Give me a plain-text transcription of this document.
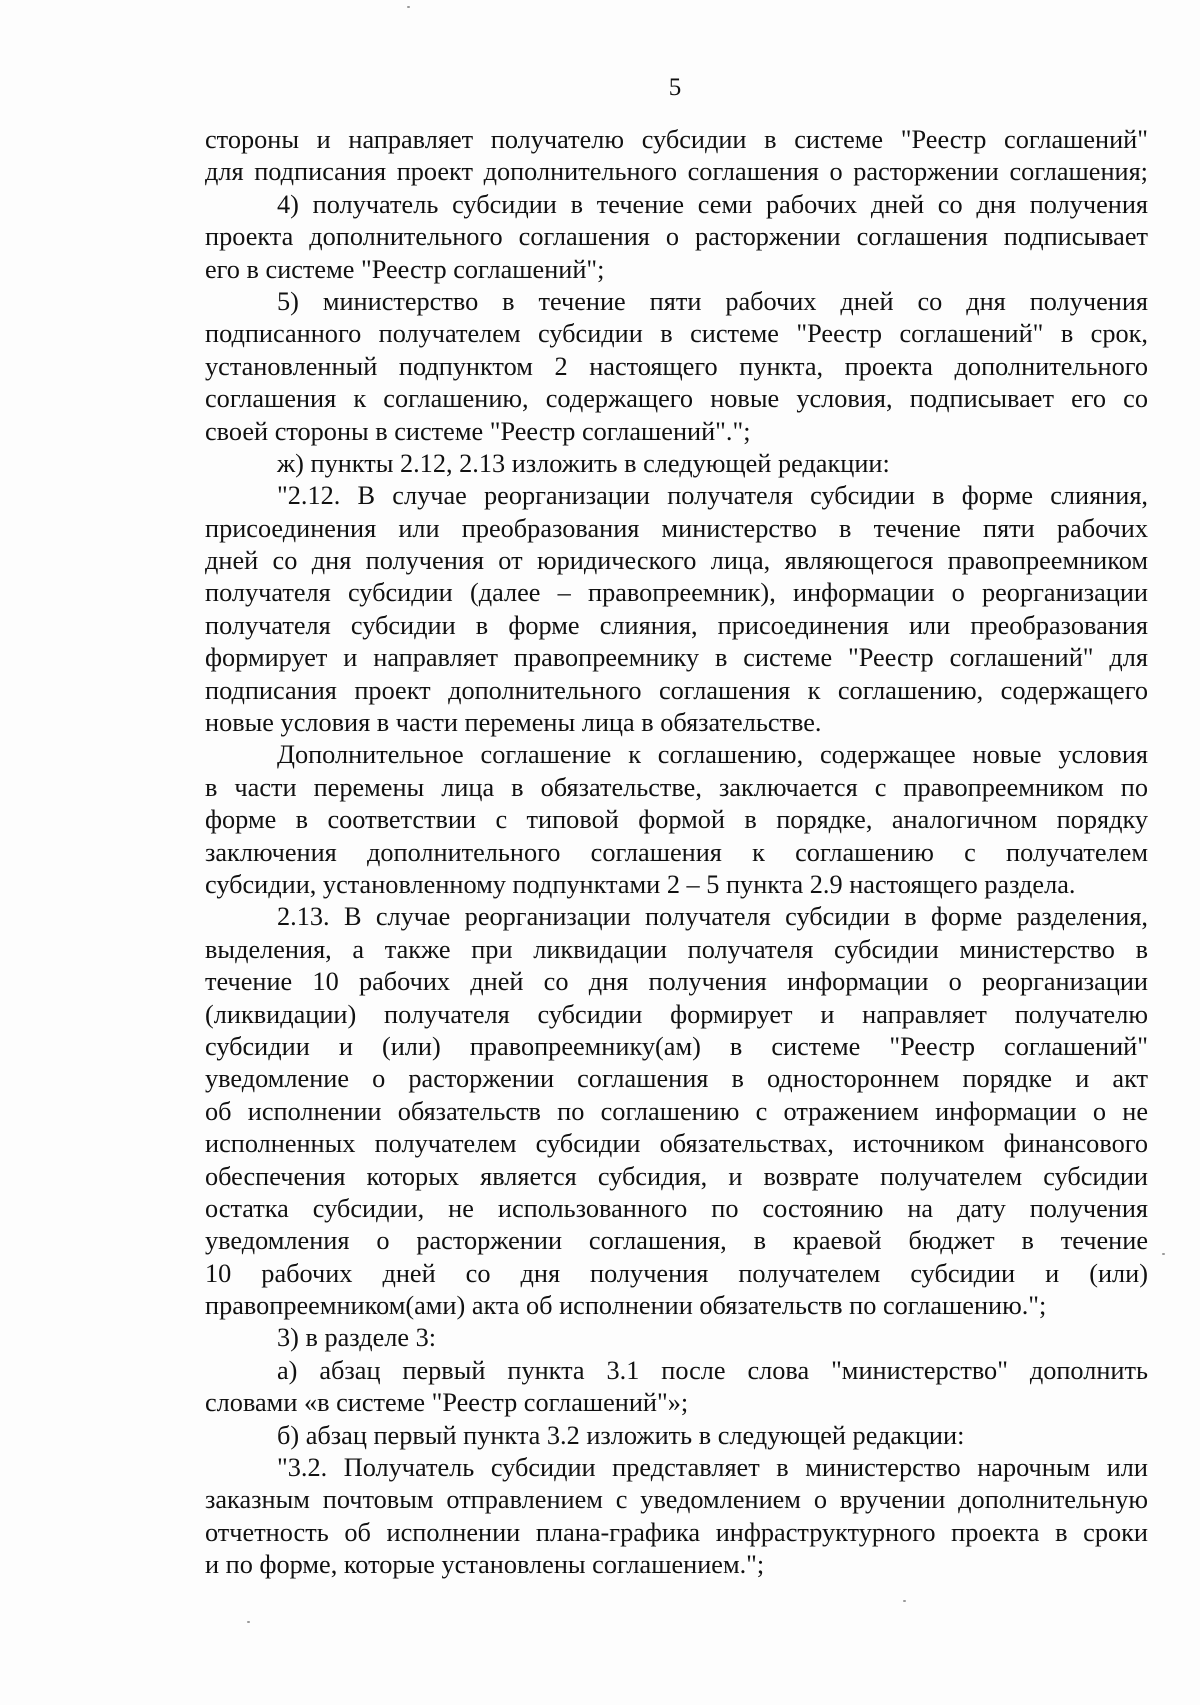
5
стороны и направляет получателю субсидии в системе "Реестр соглашений"
для подписания проект дополнительного соглашения о расторжении соглашения;
4) получатель субсидии в течение семи рабочих дней со дня получения
проекта дополнительного соглашения о расторжении соглашения подписывает
его в системе "Реестр соглашений";
5) министерство в течение пяти рабочих дней со дня получения
подписанного получателем субсидии в системе "Реестр соглашений" в срок,
установленный подпунктом 2 настоящего пункта, проекта дополнительного
соглашения к соглашению, содержащего новые условия, подписывает его со
своей стороны в системе "Реестр соглашений".";
ж) пункты 2.12, 2.13 изложить в следующей редакции:
"2.12. В случае реорганизации получателя субсидии в форме слияния,
присоединения или преобразования министерство в течение пяти рабочих
дней со дня получения от юридического лица, являющегося правопреемником
получателя субсидии (далее – правопреемник), информации о реорганизации
получателя субсидии в форме слияния, присоединения или преобразования
формирует и направляет правопреемнику в системе "Реестр соглашений" для
подписания проект дополнительного соглашения к соглашению, содержащего
новые условия в части перемены лица в обязательстве.
Дополнительное соглашение к соглашению, содержащее новые условия
в части перемены лица в обязательстве, заключается с правопреемником по
форме в соответствии с типовой формой в порядке, аналогичном порядку
заключения дополнительного соглашения к соглашению с получателем
субсидии, установленному подпунктами 2 – 5 пункта 2.9 настоящего раздела.
2.13. В случае реорганизации получателя субсидии в форме разделения,
выделения, а также при ликвидации получателя субсидии министерство в
течение 10 рабочих дней со дня получения информации о реорганизации
(ликвидации) получателя субсидии формирует и направляет получателю
субсидии и (или) правопреемнику(ам) в системе "Реестр соглашений"
уведомление о расторжении соглашения в одностороннем порядке и акт
об исполнении обязательств по соглашению с отражением информации о не
исполненных получателем субсидии обязательствах, источником финансового
обеспечения которых является субсидия, и возврате получателем субсидии
остатка субсидии, не использованного по состоянию на дату получения
уведомления о расторжении соглашения, в краевой бюджет в течение
10 рабочих дней со дня получения получателем субсидии и (или)
правопреемником(ами) акта об исполнении обязательств по соглашению.";
3) в разделе 3:
а) абзац первый пункта 3.1 после слова "министерство" дополнить
словами «в системе "Реестр соглашений"»;
б) абзац первый пункта 3.2 изложить в следующей редакции:
"3.2. Получатель субсидии представляет в министерство нарочным или
заказным почтовым отправлением с уведомлением о вручении дополнительную
отчетность об исполнении плана-графика инфраструктурного проекта в сроки
и по форме, которые установлены соглашением.";
